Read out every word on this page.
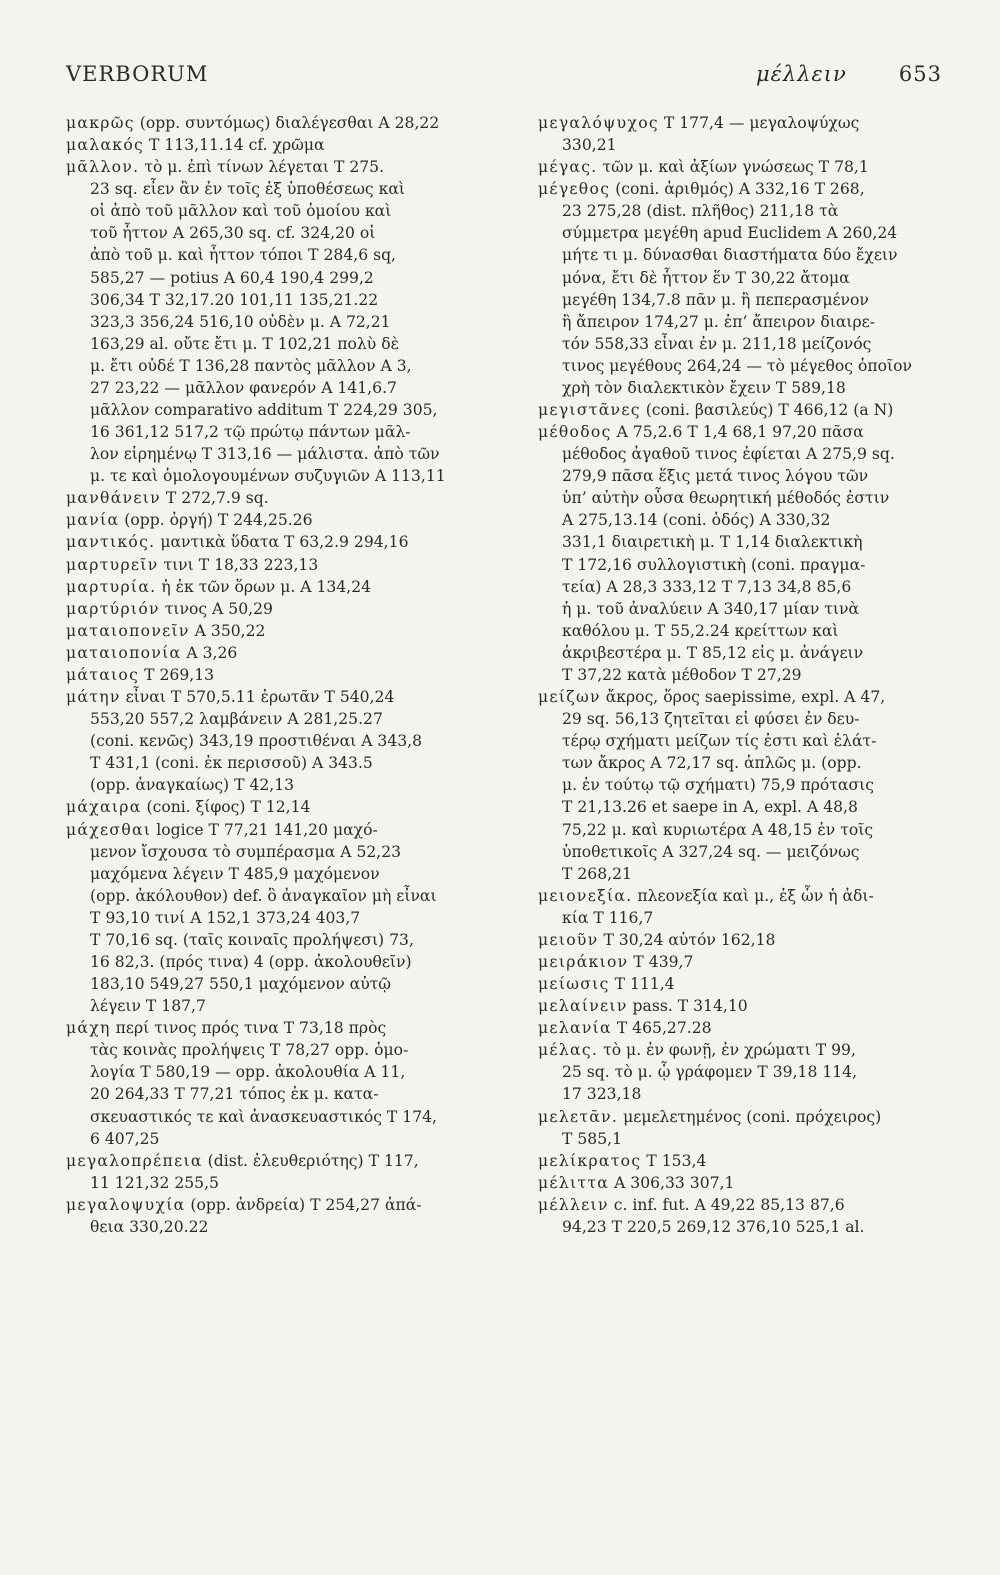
VERBORUM	μέλλειν 653
μακρῶς (opp. συντόμως) διαλέγεσθαι A 28,22
μαλακός T 113,11.14 cf. χρῶμα
μᾶλλον. τὸ μ. ἐπὶ τίνων λέγεται T 275.
23 sq. εἶεν ἂν ἐν τοῖς ἐξ ὑποθέσεως καὶ
οἱ ἀπὸ τοῦ μᾶλλον καὶ τοῦ ὁμοίου καὶ
τοῦ ἧττον A 265,30 sq. cf. 324,20 οἱ
ἀπὸ τοῦ μ. καὶ ἧττον τόποι T 284,6 sq,
585,27 — potius A 60,4 190,4 299,2
306,34 T 32,17.20 101,11 135,21.22
323,3 356,24 516,10 οὐδὲν μ. A 72,21
163,29 al. οὔτε ἔτι μ. T 102,21 πολὺ δὲ
μ. ἔτι οὐδέ T 136,28 παντὸς μᾶλλον A 3,
27 23,22 — μᾶλλον φανερόν A 141,6.7
μᾶλλον comparativo additum T 224,29 305,
16 361,12 517,2 τῷ πρώτῳ πάντων μᾶλ-
λον εἰρημένῳ T 313,16 — μάλιστα. ἀπὸ τῶν
μ. τε καὶ ὁμολογουμένων συζυγιῶν A 113,11
μανθάνειν T 272,7.9 sq.
μανία (opp. ὀργή) T 244,25.26
μαντικός. μαντικὰ ὕδατα T 63,2.9 294,16
μαρτυρεῖν τινι T 18,33 223,13
μαρτυρία. ἡ ἐκ τῶν ὅρων μ. A 134,24
μαρτύριόν τινος A 50,29
ματαιοπονεῖν A 350,22
ματαιοπονία A 3,26
μάταιος T 269,13
μάτην εἶναι T 570,5.11 ἐρωτᾶν T 540,24
553,20 557,2 λαμβάνειν A 281,25.27
(coni. κενῶς) 343,19 προστιθέναι A 343,8
T 431,1 (coni. ἐκ περισσοῦ) A 343.5
(opp. ἀναγκαίως) T 42,13
μάχαιρα (coni. ξίφος) T 12,14
μάχεσθαι logice T 77,21 141,20 μαχό-
μενον ἴσχουσα τὸ συμπέρασμα A 52,23
μαχόμενα λέγειν T 485,9 μαχόμενον
(opp. ἀκόλουθον) def. ὃ ἀναγκαῖον μὴ εἶναι
T 93,10 τινί A 152,1 373,24 403,7
T 70,16 sq. (ταῖς κοιναῖς προλήψεσι) 73,
16 82,3. (πρός τινα) 4 (opp. ἀκολουθεῖν)
183,10 549,27 550,1 μαχόμενον αὐτῷ
λέγειν T 187,7
μάχη περί τινος πρός τινα T 73,18 πρὸς
τὰς κοινὰς προλήψεις T 78,27 opp. ὁμο-
λογία T 580,19 — opp. ἀκολουθία A 11,
20 264,33 T 77,21 τόπος ἐκ μ. κατα-
σκευαστικός τε καὶ ἀνασκευαστικός T 174,
6 407,25
μεγαλοπρέπεια (dist. ἐλευθεριότης) T 117,
11 121,32 255,5
μεγαλοψυχία (opp. ἀνδρεία) T 254,27 ἀπά-
θεια 330,20.22
μεγαλόψυχος T 177,4 — μεγαλοψύχως
330,21
μέγας. τῶν μ. καὶ ἀξίων γνώσεως T 78,1
μέγεθος (coni. ἀριθμός) A 332,16 T 268,
23 275,28 (dist. πλῆθος) 211,18 τὰ
σύμμετρα μεγέθη apud Euclidem A 260,24
μήτε τι μ. δύνασθαι διαστήματα δύο ἔχειν
μόνα, ἔτι δὲ ἧττον ἕν T 30,22 ἄτομα
μεγέθη 134,7.8 πᾶν μ. ἢ πεπερασμένον
ἢ ἄπειρον 174,27 μ. ἐπ’ ἄπειρον διαιρε-
τόν 558,33 εἶναι ἐν μ. 211,18 μείζονός
τινος μεγέθους 264,24 — τὸ μέγεθος ὁποῖον
χρὴ τὸν διαλεκτικὸν ἔχειν T 589,18
μεγιστᾶνες (coni. βασιλεύς) T 466,12 (a N)
μέθοδος A 75,2.6 T 1,4 68,1 97,20 πᾶσα
μέθοδος ἀγαθοῦ τινος ἐφίεται A 275,9 sq.
279,9 πᾶσα ἕξις μετά τινος λόγου τῶν
ὑπ’ αὐτὴν οὖσα θεωρητική μέθοδός ἐστιν
A 275,13.14 (coni. ὁδός) A 330,32
331,1 διαιρετικὴ μ. T 1,14 διαλεκτικὴ
T 172,16 συλλογιστικὴ (coni. πραγμα-
τεία) A 28,3 333,12 T 7,13 34,8 85,6
ἡ μ. τοῦ ἀναλύειν A 340,17 μίαν τινὰ
καθόλου μ. T 55,2.24 κρείττων καὶ
ἀκριβεστέρα μ. T 85,12 εἰς μ. ἀνάγειν
T 37,22 κατὰ μέθοδον T 27,29
μείζων ἄκρος, ὅρος saepissime, expl. A 47,
29 sq. 56,13 ζητεῖται εἰ φύσει ἐν δευ-
τέρῳ σχήματι μείζων τίς ἐστι καὶ ἐλάτ-
των ἄκρος A 72,17 sq. ἁπλῶς μ. (opp.
μ. ἐν τούτῳ τῷ σχήματι) 75,9 πρότασις
T 21,13.26 et saepe in A, expl. A 48,8
75,22 μ. καὶ κυριωτέρα A 48,15 ἐν τοῖς
ὑποθετικοῖς A 327,24 sq. — μειζόνως
T 268,21
μειονεξία. πλεονεξία καὶ μ., ἐξ ὧν ἡ ἀδι-
κία T 116,7
μειοῦν T 30,24 αὐτόν 162,18
μειράκιον T 439,7
μείωσις T 111,4
μελαίνειν pass. T 314,10
μελανία T 465,27.28
μέλας. τὸ μ. ἐν φωνῇ, ἐν χρώματι T 99,
25 sq. τὸ μ. ᾧ γράφομεν T 39,18 114,
17 323,18
μελετᾶν. μεμελετημένος (coni. πρόχειρος)
T 585,1
μελίκρατος T 153,4
μέλιττα A 306,33 307,1
μέλλειν c. inf. fut. A 49,22 85,13 87,6
94,23 T 220,5 269,12 376,10 525,1 al.
